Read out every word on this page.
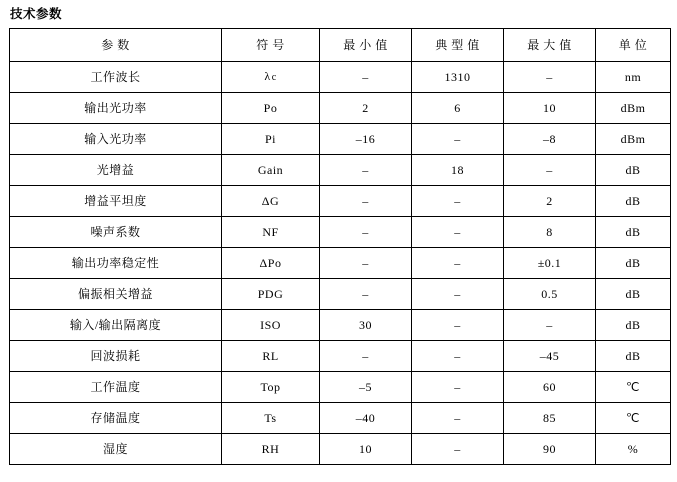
技术参数
参 数	符 号	最 小 值	典 型 值	最 大 值	单 位
工作波长	λc	–	1310	–	nm
输出光功率	Po	2	6	10	dBm
输入光功率	Pi	–16	–	–8	dBm
光增益	Gain	–	18	–	dB
增益平坦度	ΔG	–	–	2	dB
噪声系数	NF	–	–	8	dB
输出功率稳定性	ΔPo	–	–	±0.1	dB
偏振相关增益	PDG	–	–	0.5	dB
输入/输出隔离度	ISO	30	–	–	dB
回波损耗	RL	–	–	–45	dB
工作温度	Top	–5	–	60	℃
存储温度	Ts	–40	–	85	℃
湿度	RH	10	–	90	%
